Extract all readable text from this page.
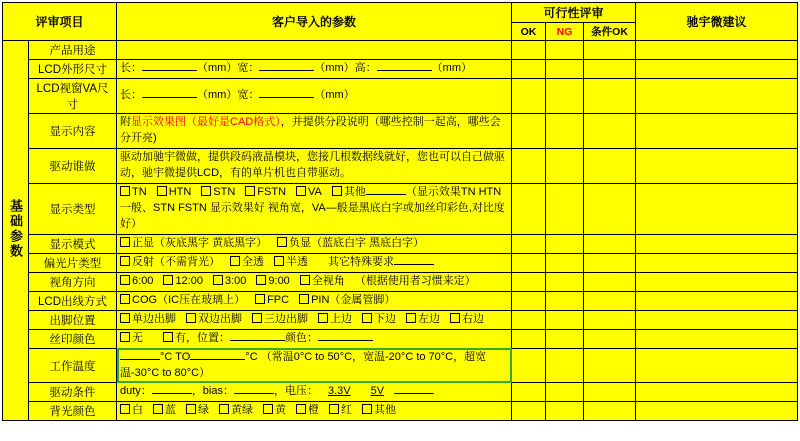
评审项目		客户导入的参数	可行性评审			驰宇微建议
			OK	NG	条件OK	
基础参数	产品用途					
	LCD外形尺寸	长： （mm）宽： （mm）高： （mm）				
	LCD视窗VA尺寸	长： （mm）宽： （mm）				
	显示内容	附显示效果图（最好是CAD格式），并提供分段说明（哪些控制一起高，哪些会分开亮)				
	驱动谁做	驱动加驰宇微做，提供段码液晶模块，您接几根数据线就好，您也可以自己做驱动，驰宇微提供LCD，有的单片机也自带驱动。				
	显示类型	TN HTN STN FSTN VA 其他 （显示效果TN HTN一般、STN FSTN 显示效果好 视角宽，VA—般是黑底白字或加丝印彩色,对比度好）				
	显示模式	正显（灰底黑字 黄底黑字） 负显（蓝底白字 黑底白字）				
	偏光片类型	反射（不需背光） 全透 半透 其它特殊要求				
	视角方向	6:00 12:00 3:00 9:00 全视角 （根据使用者习惯来定）				
	LCD出线方式	COG（IC压在玻璃上） FPC PIN（金属管脚）				
	出脚位置	单边出脚 双边出脚 三边出脚 上边 下边 左边 右边				
	丝印颜色	无 有，位置： 颜色：				
	工作温度	°C TO °C （常温0°C to 50°C，宽温-20°C to 70°C，超宽温-30°C to 80°C）				
	驱动条件	duty： ，bias： ，电压： 3.3V 5V				
	背光颜色	白 蓝 绿 黄绿 黄 橙 红 其他				
